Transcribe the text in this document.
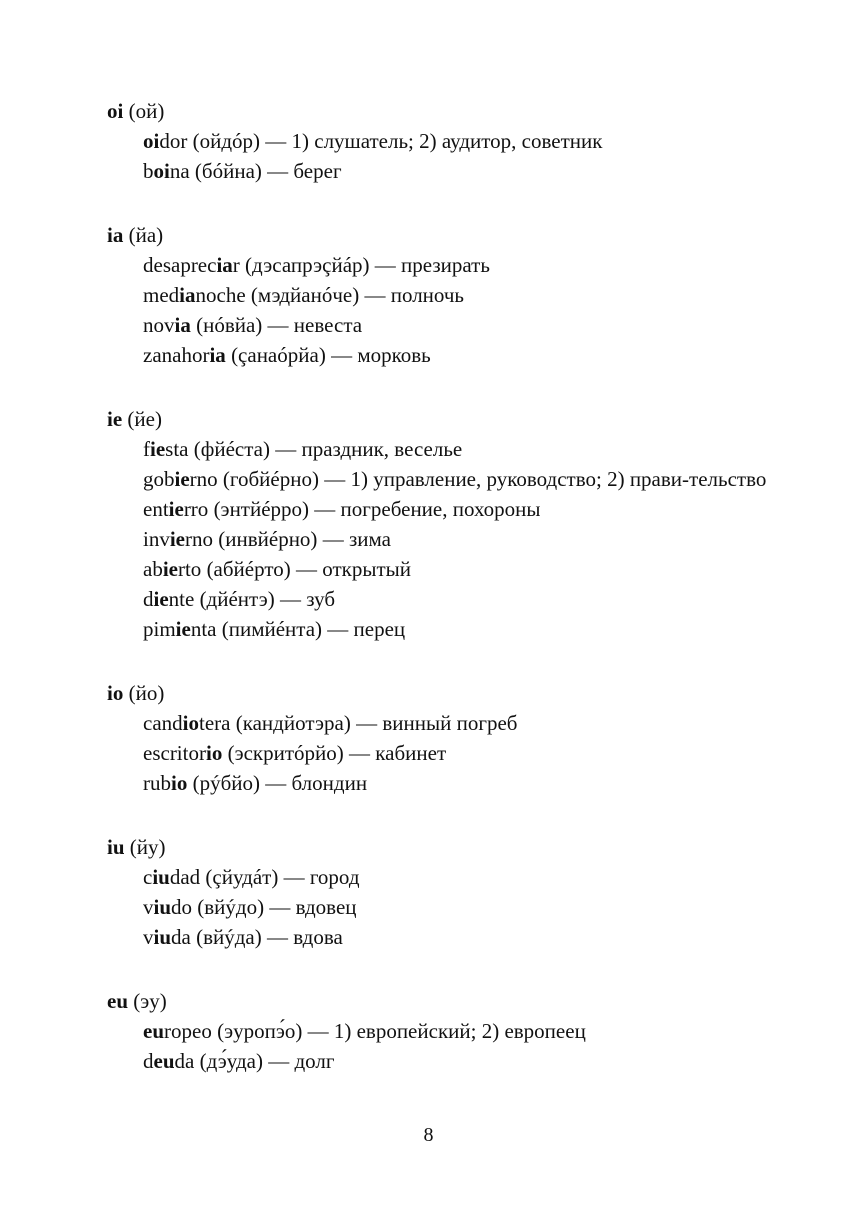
oi (ой)
oidor (ойдóр) — 1) слушатель; 2) аудитор, советник
boina (бóйна) — берег
ia (йа)
desapreciar (дэсапрэçйáр) — презирать
medianoche (мэдйанóче) — полночь
novia (нóвйа) — невеста
zanahoria (çанаóрйа) — морковь
ie (йе)
fiesta (фйéста) — праздник, веселье
gobierno (гобйéрно) — 1) управление, руководство; 2) прави-тельство
entierro (энтйéрро) — погребение, похороны
invierno (инвйéрно) — зима
abierto (абйéрто) — открытый
diente (дйéнтэ) — зуб
pimienta (пимйéнта) — перец
io (йо)
candiotera (кандйотэра) — винный погреб
escritorio (эскритóрйо) — кабинет
rubio (рýбйо) — блондин
iu (йу)
ciudad (çйудáт) — город
viudo (вйýдо) — вдовец
viuda (вйýда) — вдова
eu (эу)
europeo (эуропэ́о) — 1) европейский; 2) европеец
deuda (дэ́уда) — долг
8
